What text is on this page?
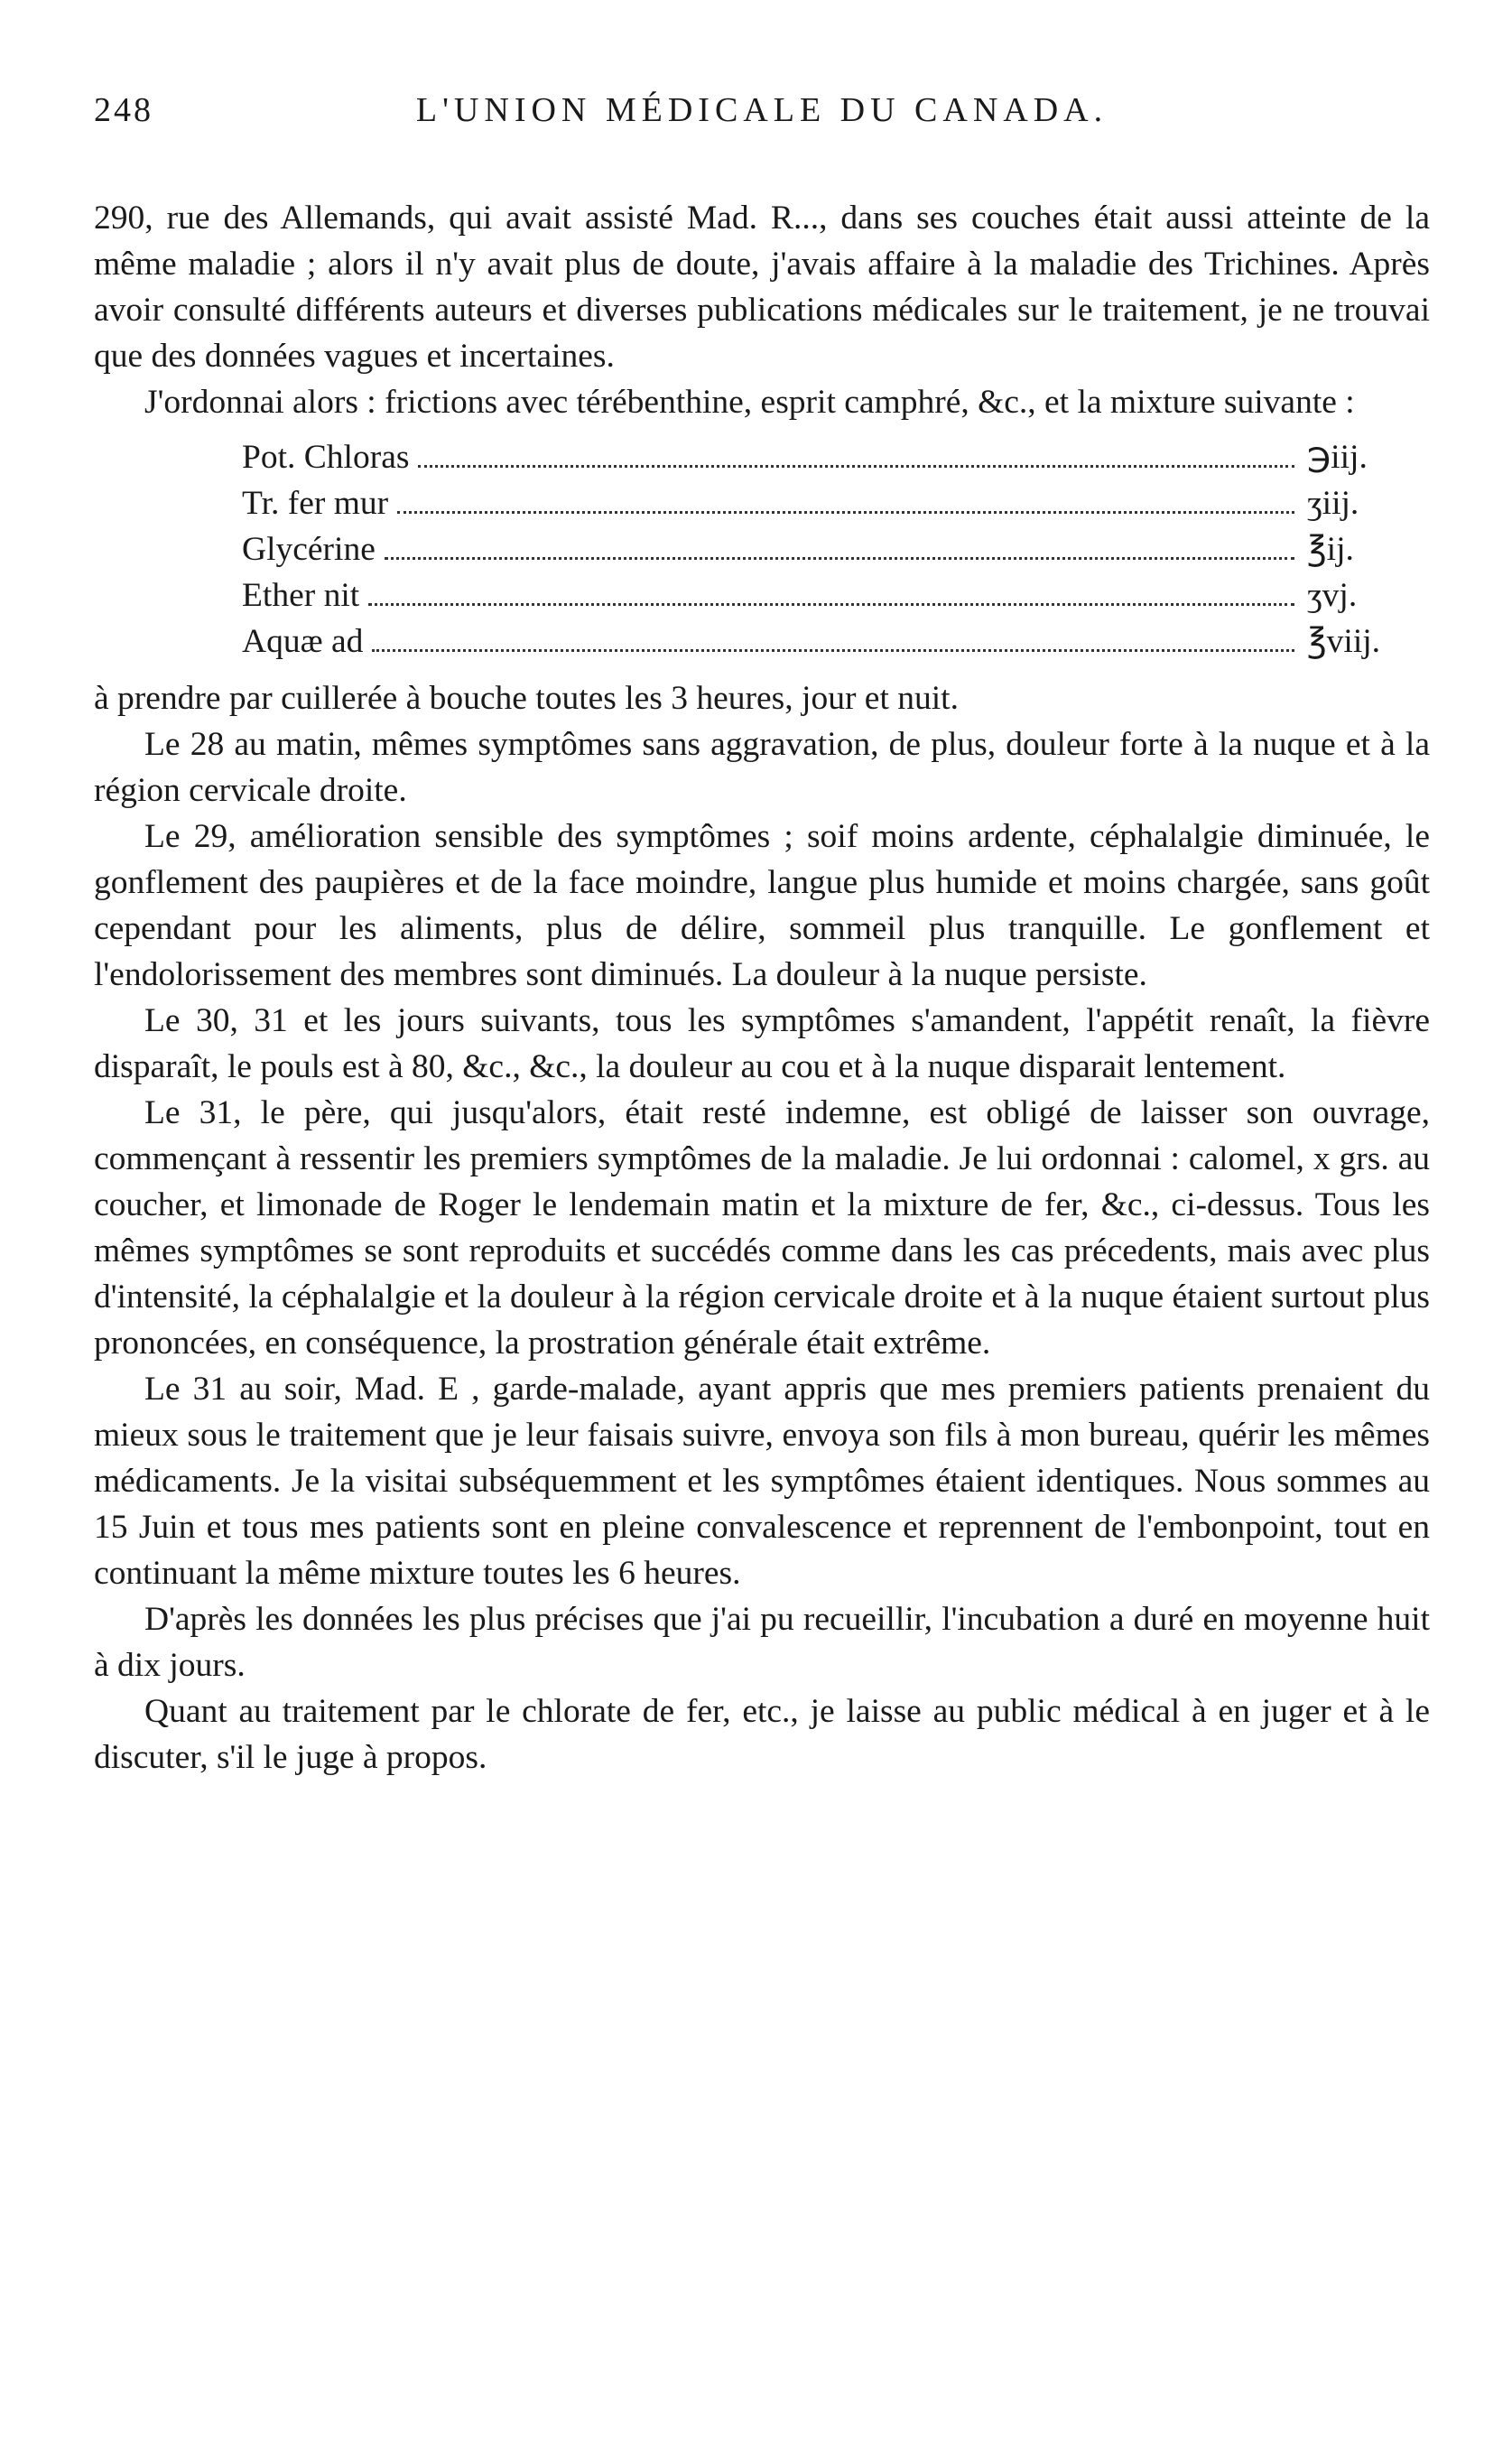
248	L'UNION MÉDICALE DU CANADA.

290, rue des Allemands, qui avait assisté Mad. R..., dans ses couches était aussi atteinte de la même maladie ; alors il n'y avait plus de doute, j'avais affaire à la maladie des Trichines. Après avoir consulté différents auteurs et diverses publications médicales sur le traitement, je ne trouvai que des données vagues et incertaines.

J'ordonnai alors : frictions avec térébenthine, esprit camphré, &c., et la mixture suivante :

Pot. Chloras	℈iij.
Tr. fer mur	ʒiij.
Glycérine	℥ij.
Ether nit	ʒvj.
Aquæ ad	℥viij.

à prendre par cuillerée à bouche toutes les 3 heures, jour et nuit.

Le 28 au matin, mêmes symptômes sans aggravation, de plus, douleur forte à la nuque et à la région cervicale droite.

Le 29, amélioration sensible des symptômes ; soif moins ardente, céphalalgie diminuée, le gonflement des paupières et de la face moindre, langue plus humide et moins chargée, sans goût cependant pour les aliments, plus de délire, sommeil plus tranquille. Le gonflement et l'endolorissement des membres sont diminués. La douleur à la nuque persiste.

Le 30, 31 et les jours suivants, tous les symptômes s'amandent, l'appétit renaît, la fièvre disparaît, le pouls est à 80, &c., &c., la douleur au cou et à la nuque disparait lentement.

Le 31, le père, qui jusqu'alors, était resté indemne, est obligé de laisser son ouvrage, commençant à ressentir les premiers symptômes de la maladie. Je lui ordonnai : calomel, x grs. au coucher, et limonade de Roger le lendemain matin et la mixture de fer, &c., ci-dessus. Tous les mêmes symptômes se sont reproduits et succédés comme dans les cas précedents, mais avec plus d'intensité, la céphalalgie et la douleur à la région cervicale droite et à la nuque étaient surtout plus prononcées, en conséquence, la prostration générale était extrême.

Le 31 au soir, Mad. E , garde-malade, ayant appris que mes premiers patients prenaient du mieux sous le traitement que je leur faisais suivre, envoya son fils à mon bureau, quérir les mêmes médicaments. Je la visitai subséquemment et les symptômes étaient identiques. Nous sommes au 15 Juin et tous mes patients sont en pleine convalescence et reprennent de l'embonpoint, tout en continuant la même mixture toutes les 6 heures.

D'après les données les plus précises que j'ai pu recueillir, l'incubation a duré en moyenne huit à dix jours.

Quant au traitement par le chlorate de fer, etc., je laisse au public médical à en juger et à le discuter, s'il le juge à propos.
